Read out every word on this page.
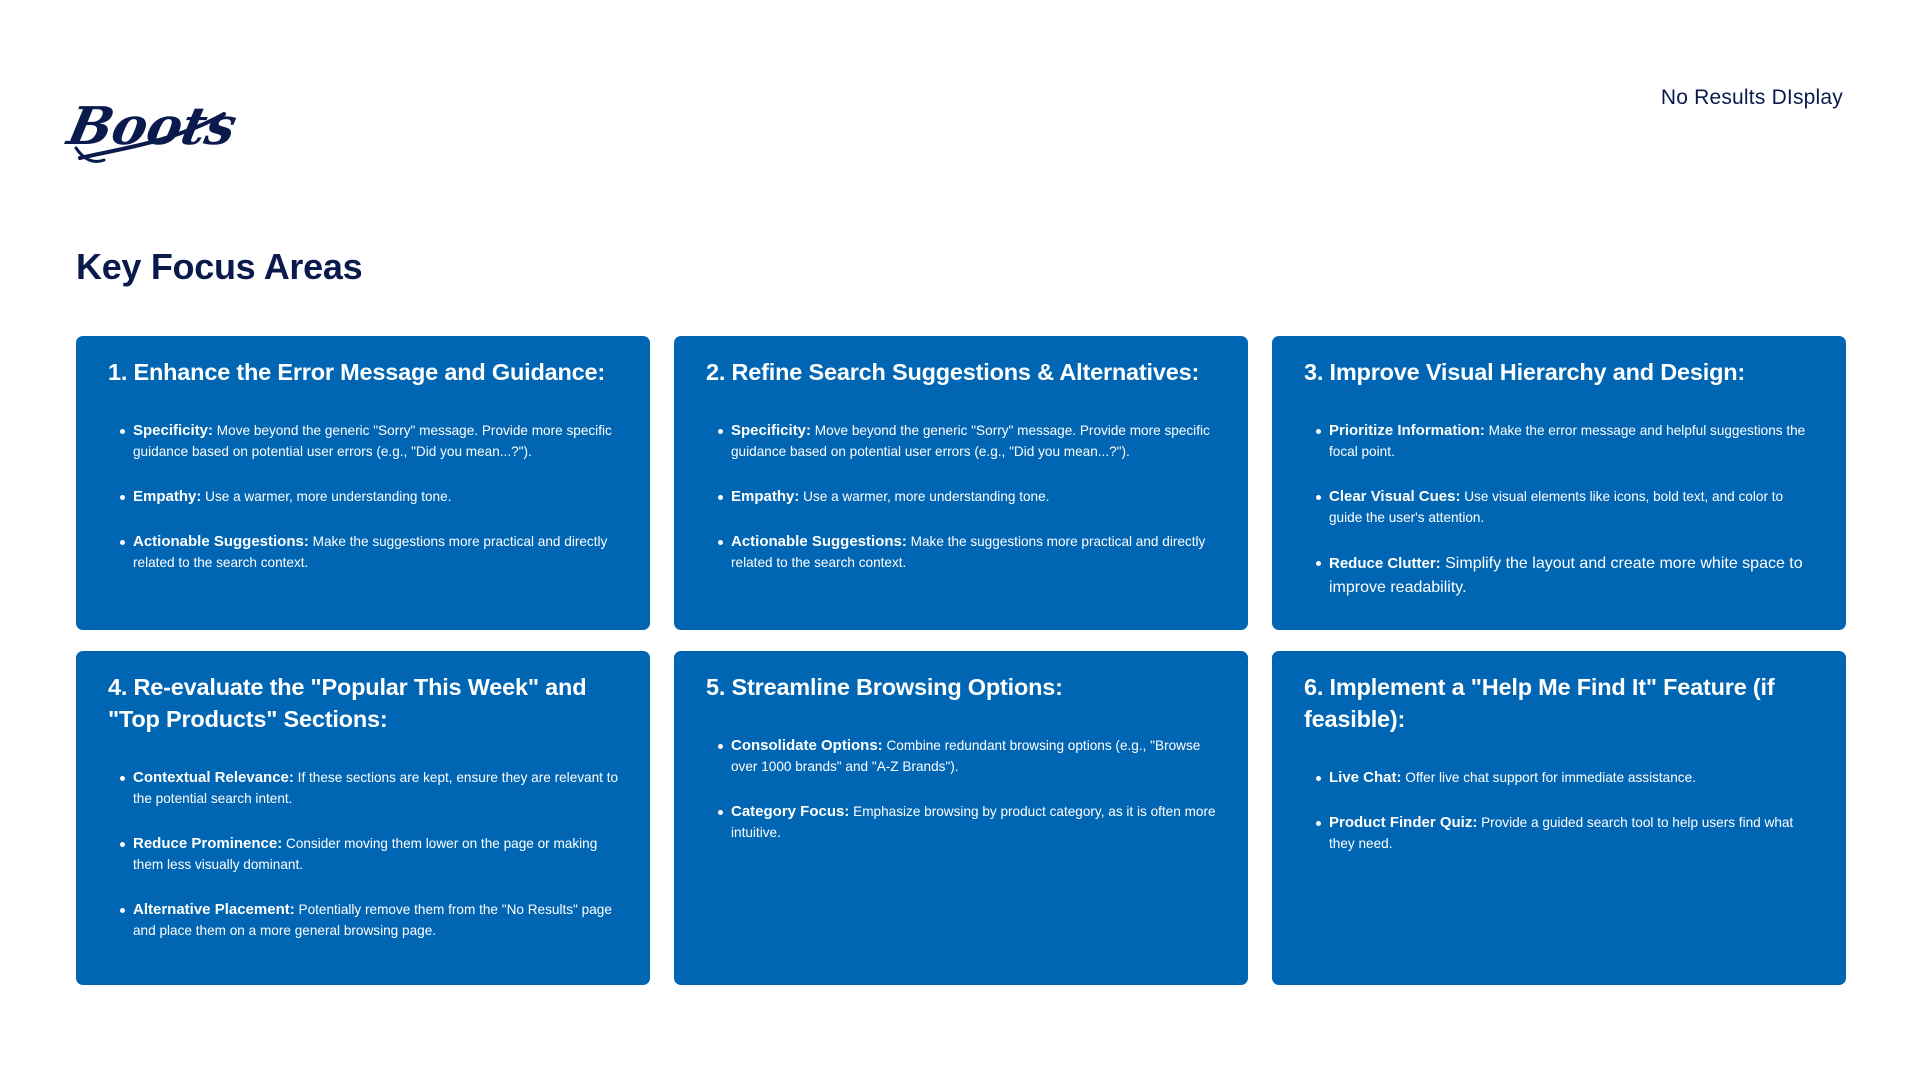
Boots	No Results DIsplay
Key Focus Areas
1. Enhance the Error Message and Guidance:
Specificity: Move beyond the generic "Sorry" message. Provide more specific guidance based on potential user errors (e.g., "Did you mean...?").
Empathy: Use a warmer, more understanding tone.
Actionable Suggestions: Make the suggestions more practical and directly related to the search context.
2. Refine Search Suggestions & Alternatives:
Specificity: Move beyond the generic "Sorry" message. Provide more specific guidance based on potential user errors (e.g., "Did you mean...?").
Empathy: Use a warmer, more understanding tone.
Actionable Suggestions: Make the suggestions more practical and directly related to the search context.
3. Improve Visual Hierarchy and Design:
Prioritize Information: Make the error message and helpful suggestions the focal point.
Clear Visual Cues: Use visual elements like icons, bold text, and color to guide the user's attention.
Reduce Clutter: Simplify the layout and create more white space to improve readability.
4. Re-evaluate the "Popular This Week" and "Top Products" Sections:
Contextual Relevance: If these sections are kept, ensure they are relevant to the potential search intent.
Reduce Prominence: Consider moving them lower on the page or making them less visually dominant.
Alternative Placement: Potentially remove them from the "No Results" page and place them on a more general browsing page.
5. Streamline Browsing Options:
Consolidate Options: Combine redundant browsing options (e.g., "Browse over 1000 brands" and "A-Z Brands").
Category Focus: Emphasize browsing by product category, as it is often more intuitive.
6. Implement a "Help Me Find It" Feature (if feasible):
Live Chat: Offer live chat support for immediate assistance.
Product Finder Quiz: Provide a guided search tool to help users find what they need.
